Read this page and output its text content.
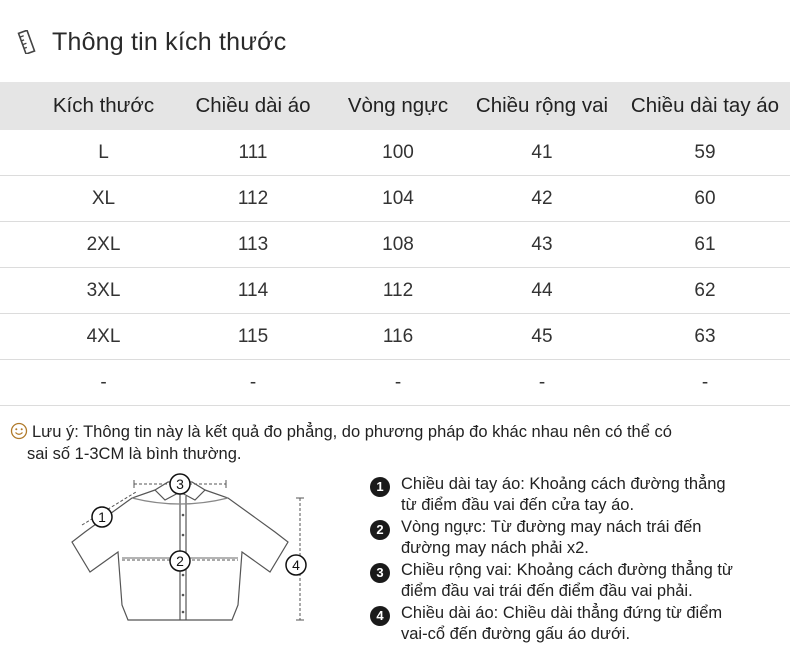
Thông tin kích thước
Kích thước	Chiều dài áo	Vòng ngực	Chiều rộng vai	Chiều dài tay áo
L	111	100	41	59
XL	112	104	42	60
2XL	113	108	43	61
3XL	114	112	44	62
4XL	115	116	45	63
-	-	-	-	-
Lưu ý: Thông tin này là kết quả đo phẳng, do phương pháp đo khác nhau nên có thể có
sai số 1-3CM là bình thường.
3
1
2	4
1	Chiều dài tay áo: Khoảng cách đường thẳng
từ điểm đầu vai đến cửa tay áo.
2	Vòng ngực: Từ đường may nách trái đến
đường may nách phải x2.
3	Chiều rộng vai: Khoảng cách đường thẳng từ
điểm đầu vai trái đến điểm đầu vai phải.
4	Chiều dài áo: Chiều dài thẳng đứng từ điểm
vai-cổ đến đường gấu áo dưới.
